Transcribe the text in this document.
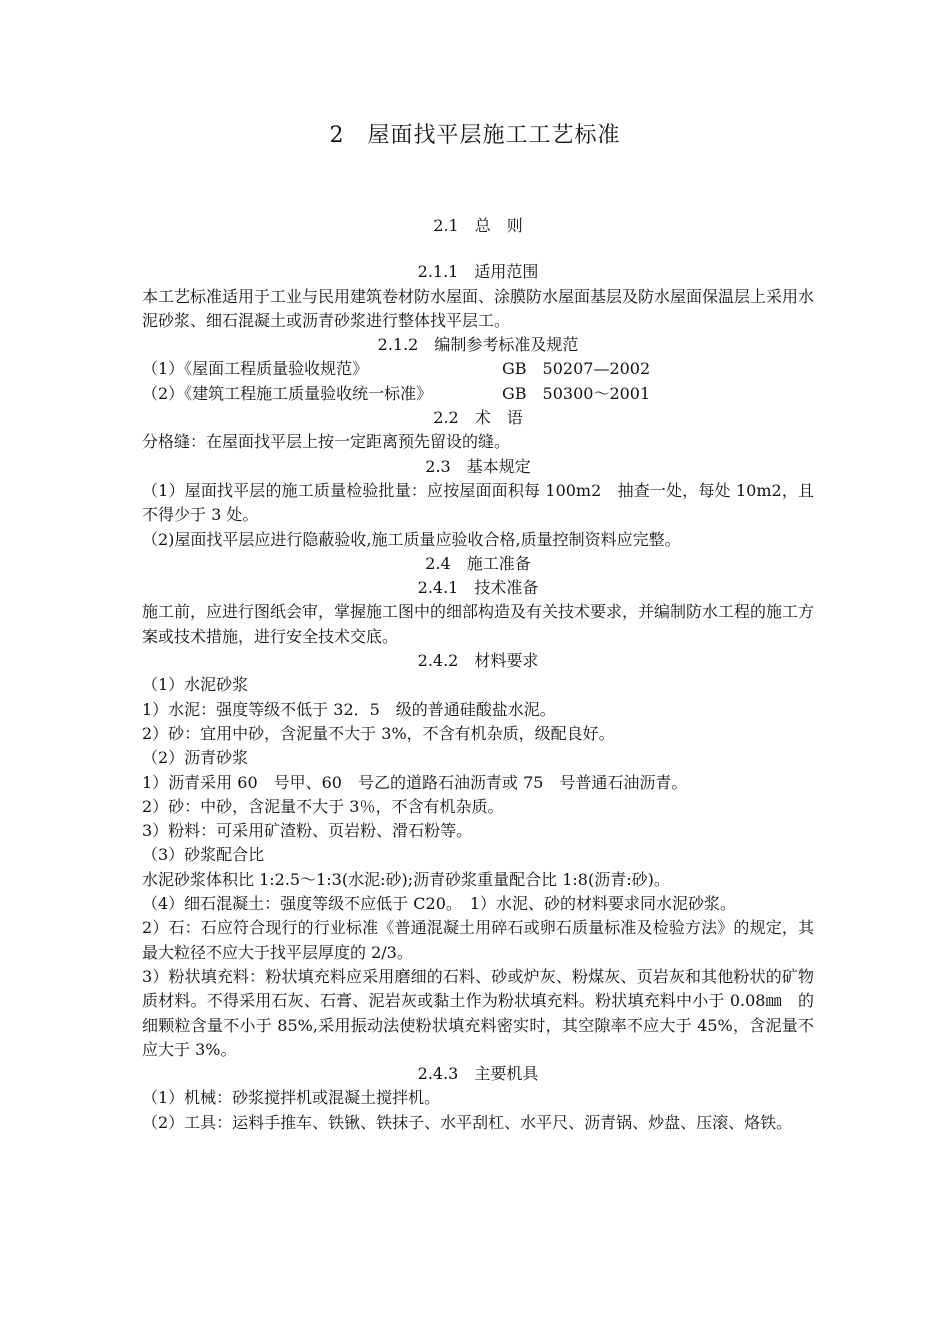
2　屋面找平层施工工艺标准

2.1　总　则

2.1.1　适用范围

本工艺标准适用于工业与民用建筑卷材防水屋面、涂膜防水屋面基层及防水屋面保温层上采用水泥砂浆、细石混凝土或沥青砂浆进行整体找平层工。

2.1.2　编制参考标准及规范

（1）《屋面工程质量验收规范》	GB　50207—2002
（2）《建筑工程施工质量验收统一标准》	GB　50300～2001

2.2　术　语

分格缝：在屋面找平层上按一定距离预先留设的缝。

2.3　基本规定

（1）屋面找平层的施工质量检验批量：应按屋面面积每 100m2　抽查一处，每处 10m2，且不得少于 3 处。

（2)屋面找平层应进行隐蔽验收,施工质量应验收合格,质量控制资料应完整。

2.4　施工准备

2.4.1　技术准备

施工前，应进行图纸会审，掌握施工图中的细部构造及有关技术要求，并编制防水工程的施工方案或技术措施，进行安全技术交底。

2.4.2　材料要求

（1）水泥砂浆

1）水泥：强度等级不低于 32．5　级的普通硅酸盐水泥。

2）砂：宜用中砂，含泥量不大于 3%，不含有机杂质，级配良好。

（2）沥青砂浆

1）沥青采用 60　号甲、60　号乙的道路石油沥青或 75　号普通石油沥青。

2）砂：中砂，含泥量不大于 3％，不含有机杂质。

3）粉料：可采用矿渣粉、页岩粉、滑石粉等。

（3）砂浆配合比

水泥砂浆体积比 1:2.5～1:3(水泥:砂);沥青砂浆重量配合比 1:8(沥青:砂)。

（4）细石混凝土：强度等级不应低于 C20。　1）水泥、砂的材料要求同水泥砂浆。

2）石：石应符合现行的行业标准《普通混凝土用碎石或卵石质量标准及检验方法》的规定，其最大粒径不应大于找平层厚度的 2/3。

3）粉状填充料：粉状填充料应采用磨细的石料、砂或炉灰、粉煤灰、页岩灰和其他粉状的矿物质材料。不得采用石灰、石膏、泥岩灰或黏土作为粉状填充料。粉状填充料中小于 0.08㎜　的细颗粒含量不小于 85%,采用振动法使粉状填充料密实时，其空隙率不应大于 45%，含泥量不应大于 3%。

2.4.3　主要机具

（1）机械：砂浆搅拌机或混凝土搅拌机。

（2）工具：运料手推车、铁锹、铁抹子、水平刮杠、水平尺、沥青锅、炒盘、压滚、烙铁。
